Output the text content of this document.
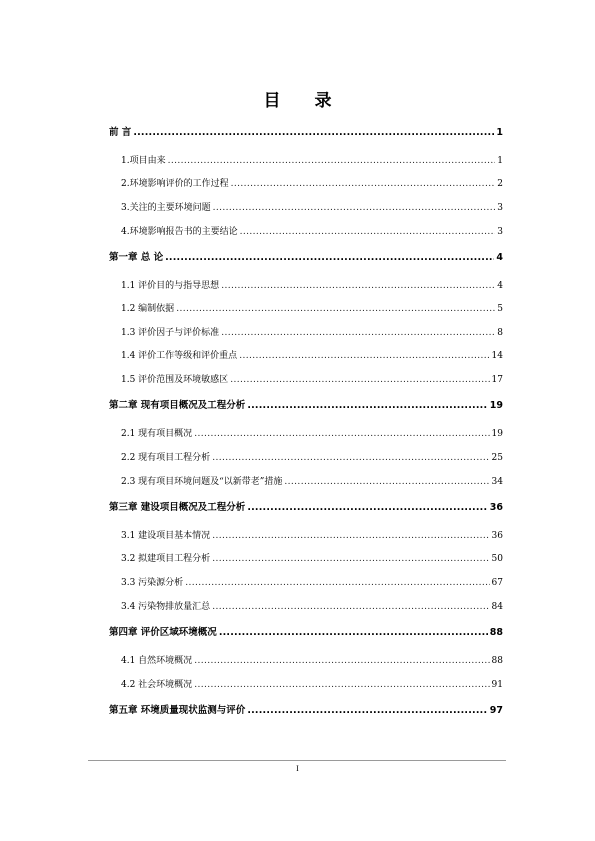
目 录
前 言 .....	1
1.项目由来 .....	1
2.环境影响评价的工作过程 .....	2
3.关注的主要环境问题 .....	3
4.环境影响报告书的主要结论 .....	3
第一章 总 论 .....	4
1.1 评价目的与指导思想 .....	4
1.2 编制依据 .....	5
1.3 评价因子与评价标准 .....	8
1.4 评价工作等级和评价重点 .....	14
1.5 评价范围及环境敏感区 .....	17
第二章 现有项目概况及工程分析 .....	19
2.1 现有项目概况 .....	19
2.2 现有项目工程分析 .....	25
2.3 现有项目环境问题及“以新带老”措施 .....	34
第三章 建设项目概况及工程分析 .....	36
3.1 建设项目基本情况 .....	36
3.2 拟建项目工程分析 .....	50
3.3 污染源分析 .....	67
3.4 污染物排放量汇总 .....	84
第四章 评价区域环境概况 .....	88
4.1 自然环境概况 .....	88
4.2 社会环境概况 .....	91
第五章 环境质量现状监测与评价 .....	97
I
